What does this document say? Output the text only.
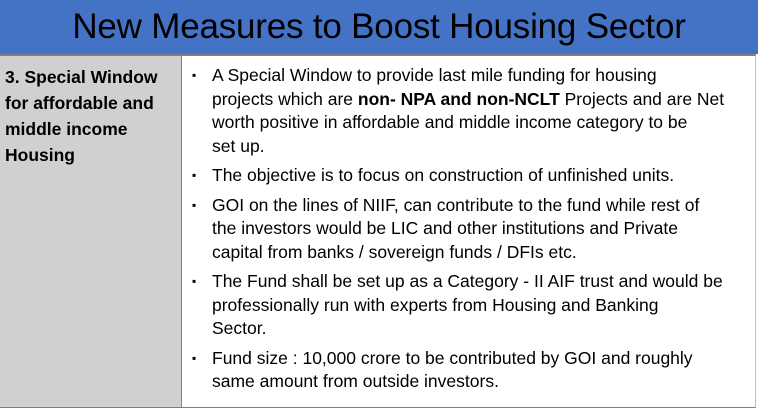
New Measures to Boost Housing Sector
3. Special Window
for affordable and
middle income
Housing
▪ A Special Window to provide last mile funding for housing
projects which are non- NPA and non-NCLT Projects and are Net
worth positive in affordable and middle income category to be
set up.
▪ The objective is to focus on construction of unfinished units.
▪ GOI on the lines of NIIF, can contribute to the fund while rest of
the investors would be LIC and other institutions and Private
capital from banks / sovereign funds / DFIs etc.
▪ The Fund shall be set up as a Category - II AIF trust and would be
professionally run with experts from Housing and Banking
Sector.
▪ Fund size : 10,000 crore to be contributed by GOI and roughly
same amount from outside investors.
